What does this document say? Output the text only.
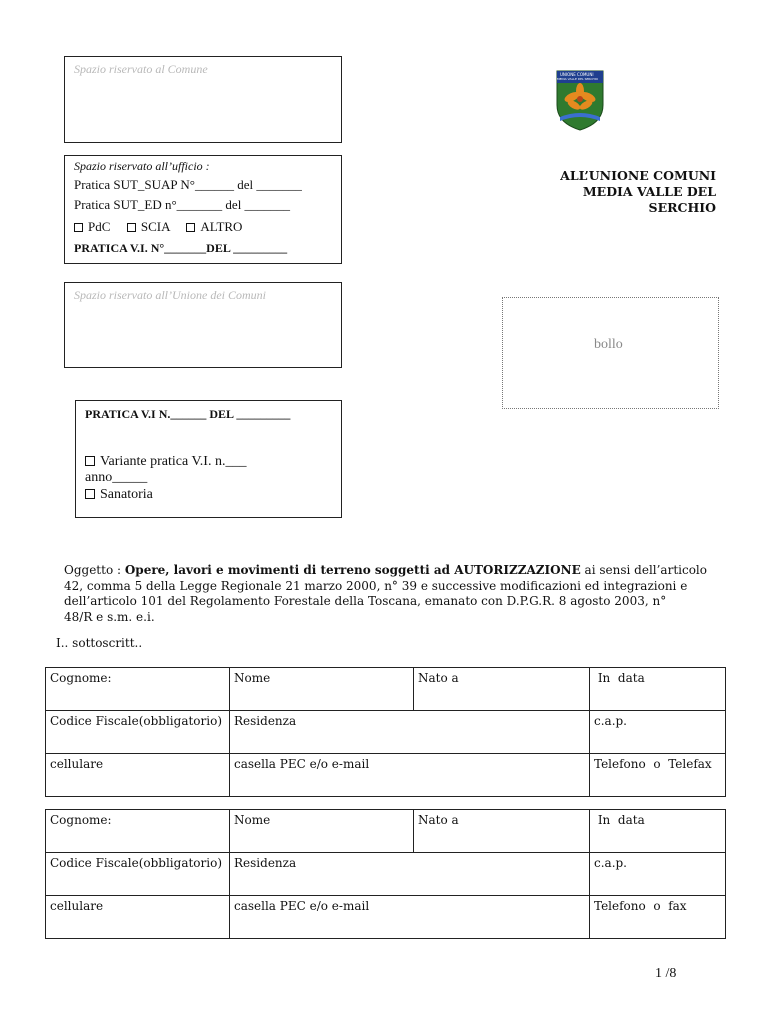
Spazio riservato al Comune	UNIONE COMUNI
MEDIA VALLE DEL SERCHIO
Spazio riservato all’ufficio :
Pratica SUT_SUAP N°______ del _______
Pratica SUT_ED n°_______ del _______
PdC SCIA ALTRO
PRATICA V.I. N°_______DEL _________
ALL’UNIONE COMUNI
MEDIA VALLE DEL
SERCHIO
Spazio riservato all’Unione dei Comuni
bollo
PRATICA V.I N.______ DEL _________
Variante pratica V.I. n.___
anno_____
Sanatoria
Oggetto : Opere, lavori e movimenti di terreno soggetti ad AUTORIZZAZIONE ai sensi dell’articolo
42, comma 5 della Legge Regionale 21 marzo 2000, n° 39 e successive modificazioni ed integrazioni e
dell’articolo 101 del Regolamento Forestale della Toscana, emanato con D.P.G.R. 8 agosto 2003, n°
48/R e s.m. e.i.
I.. sottoscritt..
Cognome:	Nome	Nato a	In  data
Codice Fiscale(obbligatorio)	Residenza		c.a.p.
cellulare	casella PEC e/o e-mail		Telefono  o  Telefax
Cognome:	Nome	Nato a	In  data
Codice Fiscale(obbligatorio)	Residenza		c.a.p.
cellulare	casella PEC e/o e-mail		Telefono  o  fax
1 /8
